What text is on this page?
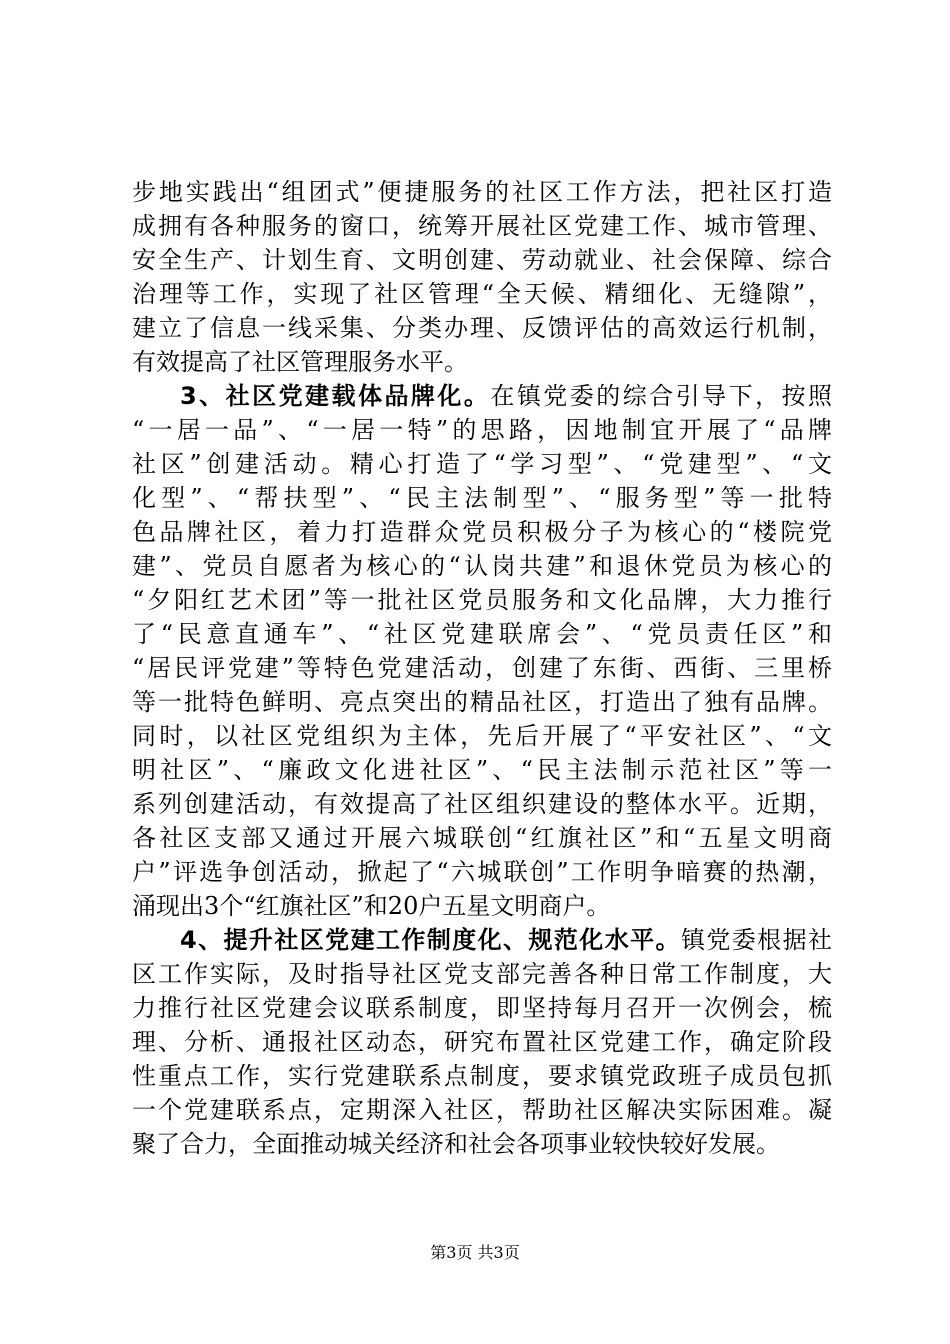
步地实践出“组团式”便捷服务的社区工作方法，把社区打造
成拥有各种服务的窗口，统筹开展社区党建工作、城市管理、
安全生产、计划生育、文明创建、劳动就业、社会保障、综合
治理等工作，实现了社区管理“全天候、精细化、无缝隙”，
建立了信息一线采集、分类办理、反馈评估的高效运行机制，
有效提高了社区管理服务水平。
3、社区党建载体品牌化。在镇党委的综合引导下，按照
“一居一品”、“一居一特”的思路，因地制宜开展了“品牌
社区”创建活动。精心打造了“学习型”、“党建型”、“文
化型”、“帮扶型”、“民主法制型”、“服务型”等一批特
色品牌社区，着力打造群众党员积极分子为核心的“楼院党
建”、党员自愿者为核心的“认岗共建”和退休党员为核心的
“夕阳红艺术团”等一批社区党员服务和文化品牌，大力推行
了“民意直通车”、“社区党建联席会”、“党员责任区”和
“居民评党建”等特色党建活动，创建了东街、西街、三里桥
等一批特色鲜明、亮点突出的精品社区，打造出了独有品牌。
同时，以社区党组织为主体，先后开展了“平安社区”、“文
明社区”、“廉政文化进社区”、“民主法制示范社区”等一
系列创建活动，有效提高了社区组织建设的整体水平。近期，
各社区支部又通过开展六城联创“红旗社区”和“五星文明商
户”评选争创活动，掀起了“六城联创”工作明争暗赛的热潮，
涌现出3个“红旗社区”和20户五星文明商户。
4、提升社区党建工作制度化、规范化水平。镇党委根据社
区工作实际，及时指导社区党支部完善各种日常工作制度，大
力推行社区党建会议联系制度，即坚持每月召开一次例会，梳
理、分析、通报社区动态，研究布置社区党建工作，确定阶段
性重点工作，实行党建联系点制度，要求镇党政班子成员包抓
一个党建联系点，定期深入社区，帮助社区解决实际困难。凝
聚了合力，全面推动城关经济和社会各项事业较快较好发展。
第3页 共3页
